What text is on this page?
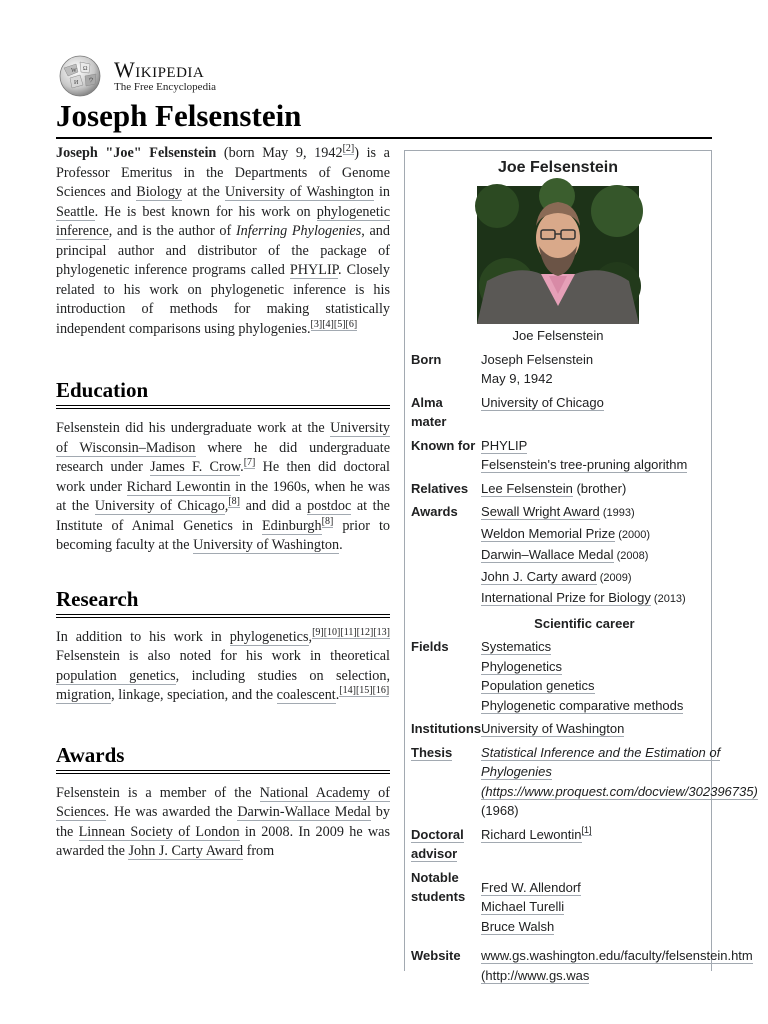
W Ω
И ウ Wikipedia
The Free Encyclopedia
Joseph Felsenstein

Joseph "Joe" Felsenstein (born May 9, 1942[2]) is a Professor Emeritus in the Departments of Genome Sciences and Biology at the University of Washington in Seattle. He is best known for his work on phylogenetic inference, and is the author of Inferring Phylogenies, and principal author and distributor of the package of phylogenetic inference programs called PHYLIP. Closely related to his work on phylogenetic inference is his introduction of methods for making statistically independent comparisons using phylogenies.[3][4][5][6]

Education

Felsenstein did his undergraduate work at the University of Wisconsin–Madison where he did undergraduate research under James F. Crow.[7] He then did doctoral work under Richard Lewontin in the 1960s, when he was at the University of Chicago,[8] and did a postdoc at the Institute of Animal Genetics in Edinburgh[8] prior to becoming faculty at the University of Washington.

Research

In addition to his work in phylogenetics,[9][10][11][12][13] Felsenstein is also noted for his work in theoretical population genetics, including studies on selection, migration, linkage, speciation, and the coalescent.[14][15][16]

Awards

Felsenstein is a member of the National Academy of Sciences. He was awarded the Darwin-Wallace Medal by the Linnean Society of London in 2008. In 2009 he was awarded the John J. Carty Award from

Joe Felsenstein
Joe Felsenstein
Born	Joseph Felsenstein
May 9, 1942

Alma mater	University of Chicago
Known for	PHYLIP
Felsenstein's tree-pruning algorithm

Relatives	Lee Felsenstein (brother)
Awards	Sewall Wright Award (1993)
Weldon Memorial Prize (2000)
Darwin–Wallace Medal (2008)
John J. Carty award (2009)
International Prize for Biology (2013)

Scientific career	
Fields	Systematics
Phylogenetics
Population genetics
Phylogenetic comparative methods

Institutions	University of Washington
Thesis	Statistical Inference and the Estimation of Phylogenies (https://www.proquest.com/docview/302396735) (1968)
Doctoral advisor	Richard Lewontin[1]
Notable students	Fred W. Allendorf
Michael Turelli
Bruce Walsh

Website	www.gs.washington.edu/faculty/felsenstein.htm (http://www.gs.was
